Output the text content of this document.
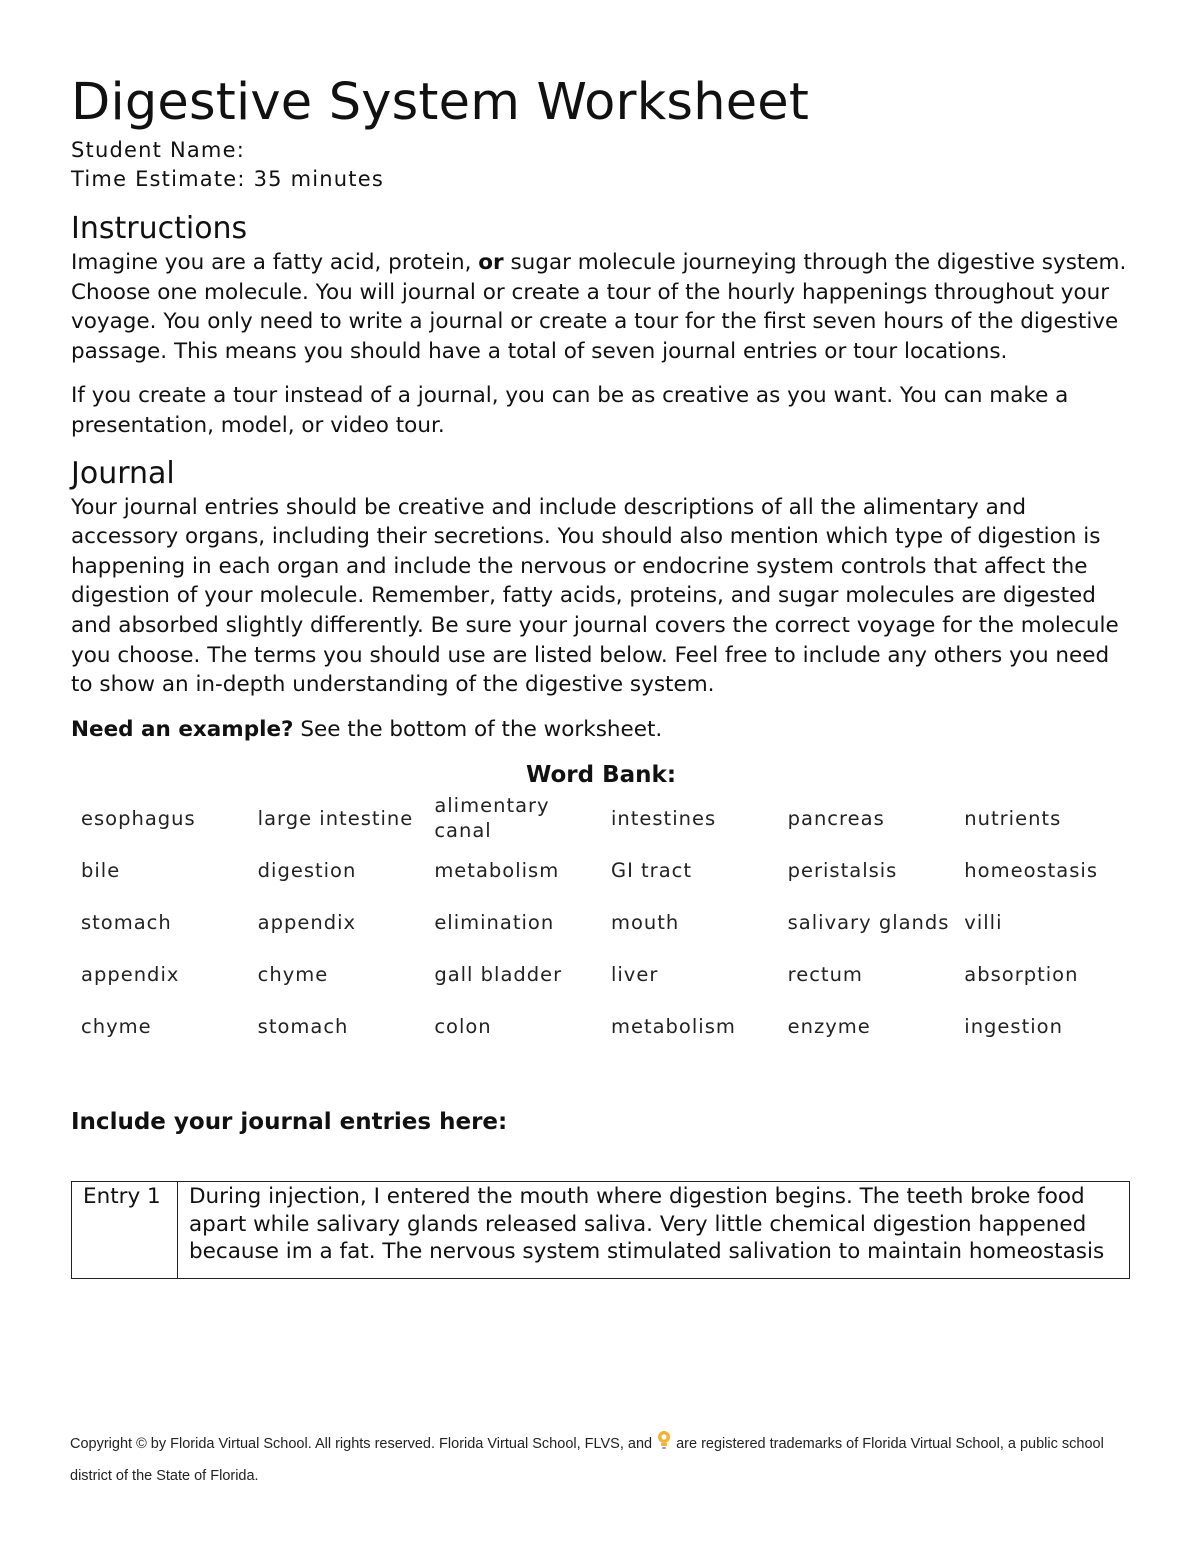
Digestive System Worksheet
Student Name:
Time Estimate: 35 minutes
Instructions

Imagine you are a fatty acid, protein, or sugar molecule journeying through the digestive system. Choose one molecule. You will journal or create a tour of the hourly happenings throughout your voyage. You only need to write a journal or create a tour for the first seven hours of the digestive passage. This means you should have a total of seven journal entries or tour locations.

If you create a tour instead of a journal, you can be as creative as you want. You can make a presentation, model, or video tour.

Journal

Your journal entries should be creative and include descriptions of all the alimentary and accessory organs, including their secretions. You should also mention which type of digestion is happening in each organ and include the nervous or endocrine system controls that affect the digestion of your molecule. Remember, fatty acids, proteins, and sugar molecules are digested and absorbed slightly differently. Be sure your journal covers the correct voyage for the molecule you choose. The terms you should use are listed below. Feel free to include any others you need to show an in-depth understanding of the digestive system.

Need an example? See the bottom of the worksheet.

Word Bank:
esophagus	large intestine	alimentary canal	intestines	pancreas	nutrients
bile	digestion	metabolism	GI tract	peristalsis	homeostasis
stomach	appendix	elimination	mouth	salivary glands	villi
appendix	chyme	gall bladder	liver	rectum	absorption
chyme	stomach	colon	metabolism	enzyme	ingestion
Include your journal entries here:
Entry 1	During injection, I entered the mouth where digestion begins. The teeth broke food apart while salivary glands released saliva. Very little chemical digestion happened because im a fat. The nervous system stimulated salivation to maintain homeostasis
Copyright © by Florida Virtual School. All rights reserved. Florida Virtual School, FLVS, and are registered trademarks of Florida Virtual School, a public school district of the State of Florida.
